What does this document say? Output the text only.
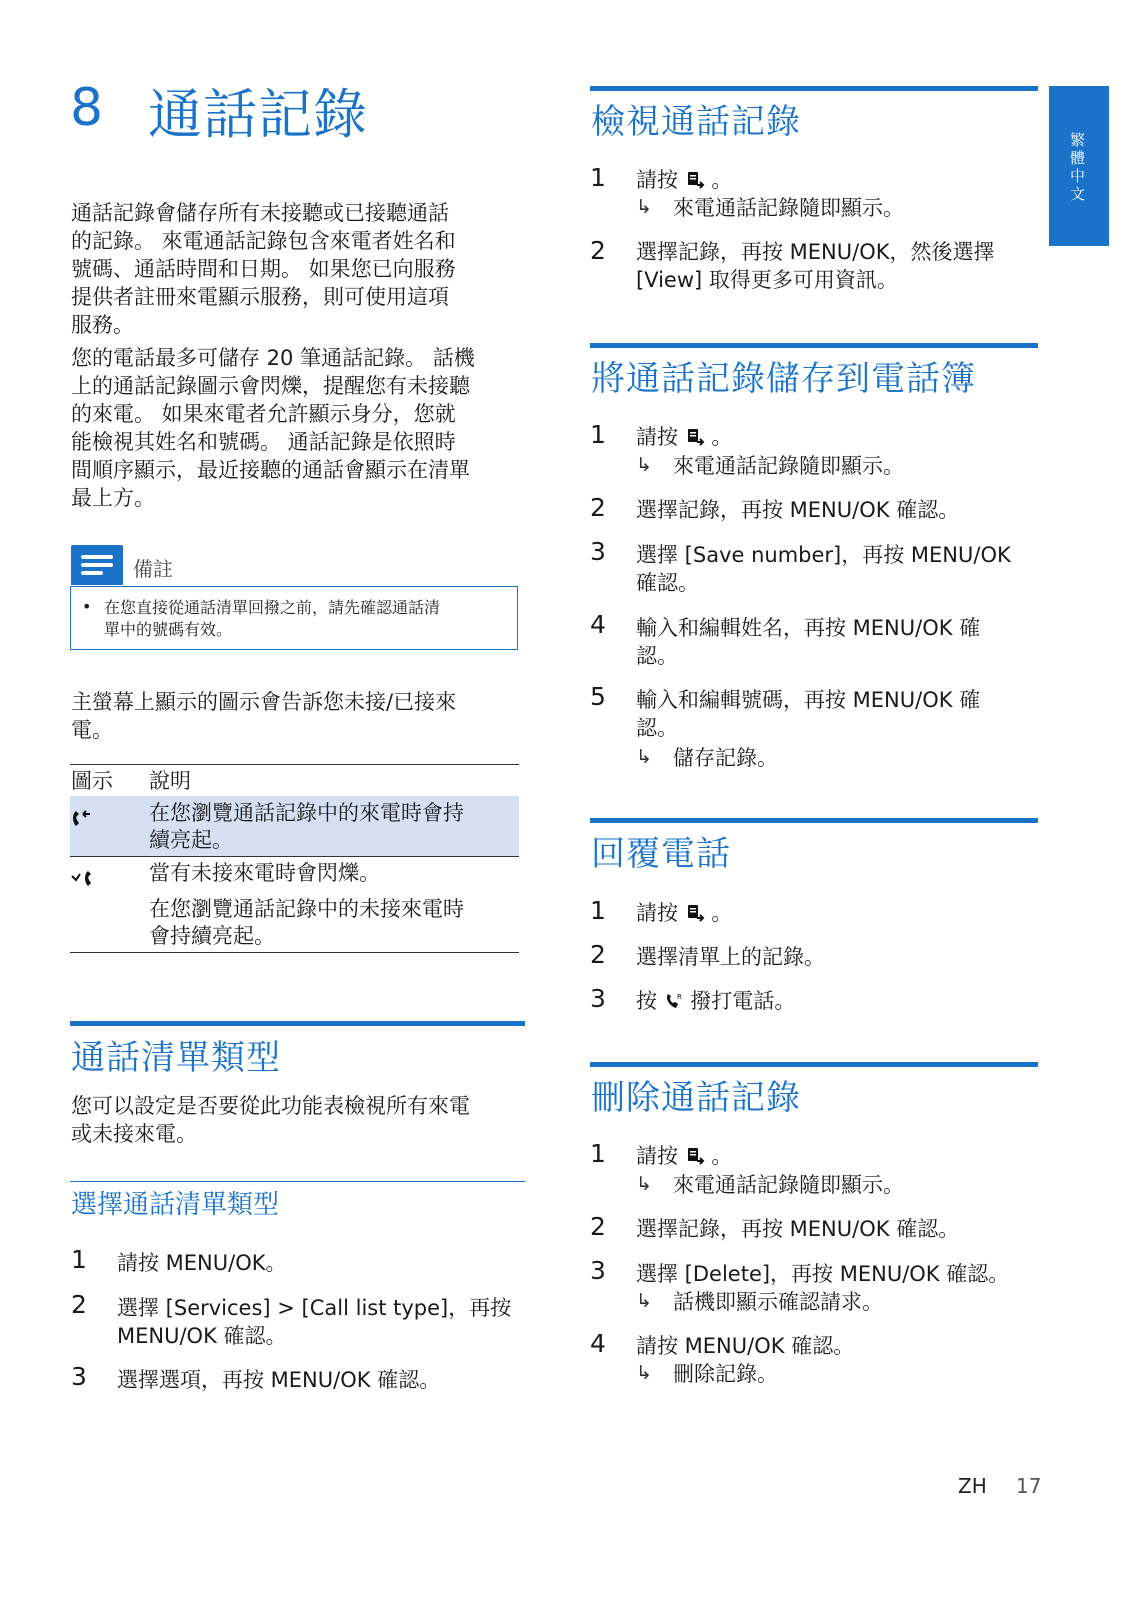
8 通話記錄
通話記錄會儲存所有未接聽或已接聽通話
的記錄。 來電通話記錄包含來電者姓名和
號碼、通話時間和日期。 如果您已向服務
提供者註冊來電顯示服務，則可使用這項
服務。
您的電話最多可儲存 20 筆通話記錄。 話機
上的通話記錄圖示會閃爍，提醒您有未接聽
的來電。 如果來電者允許顯示身分，您就
能檢視其姓名和號碼。 通話記錄是依照時
間順序顯示，最近接聽的通話會顯示在清單
最上方。
備註
• 在您直接從通話清單回撥之前，請先確認通話清
單中的號碼有效。
主螢幕上顯示的圖示會告訴您未接/已接來
電。
圖示 說明
在您瀏覽通話記錄中的來電時會持
續亮起。
當有未接來電時會閃爍。
在您瀏覽通話記錄中的未接來電時
會持續亮起。
通話清單類型
您可以設定是否要從此功能表檢視所有來電
或未接來電。
選擇通話清單類型
1 請按 MENU/OK。
2 選擇 [Services] > [Call list type]，再按
MENU/OK 確認。
3 選擇選項，再按 MENU/OK 確認。
檢視通話記錄
1 請按 。
↳ 來電通話記錄隨即顯示。
2 選擇記錄，再按 MENU/OK，然後選擇
[View] 取得更多可用資訊。
將通話記錄儲存到電話簿
1 請按 。
↳ 來電通話記錄隨即顯示。
2 選擇記錄，再按 MENU/OK 確認。
3 選擇 [Save number]，再按 MENU/OK
確認。
4 輸入和編輯姓名，再按 MENU/OK 確
認。
5 輸入和編輯號碼，再按 MENU/OK 確
認。
↳ 儲存記錄。
回覆電話
1 請按 。
2 選擇清單上的記錄。
3 按	R 撥打電話。
刪除通話記錄
1 請按 。
↳ 來電通話記錄隨即顯示。
2 選擇記錄，再按 MENU/OK 確認。
3 選擇 [Delete]，再按 MENU/OK 確認。
↳ 話機即顯示確認請求。
4 請按 MENU/OK 確認。
↳ 刪除記錄。
繁體中文
ZH 17
